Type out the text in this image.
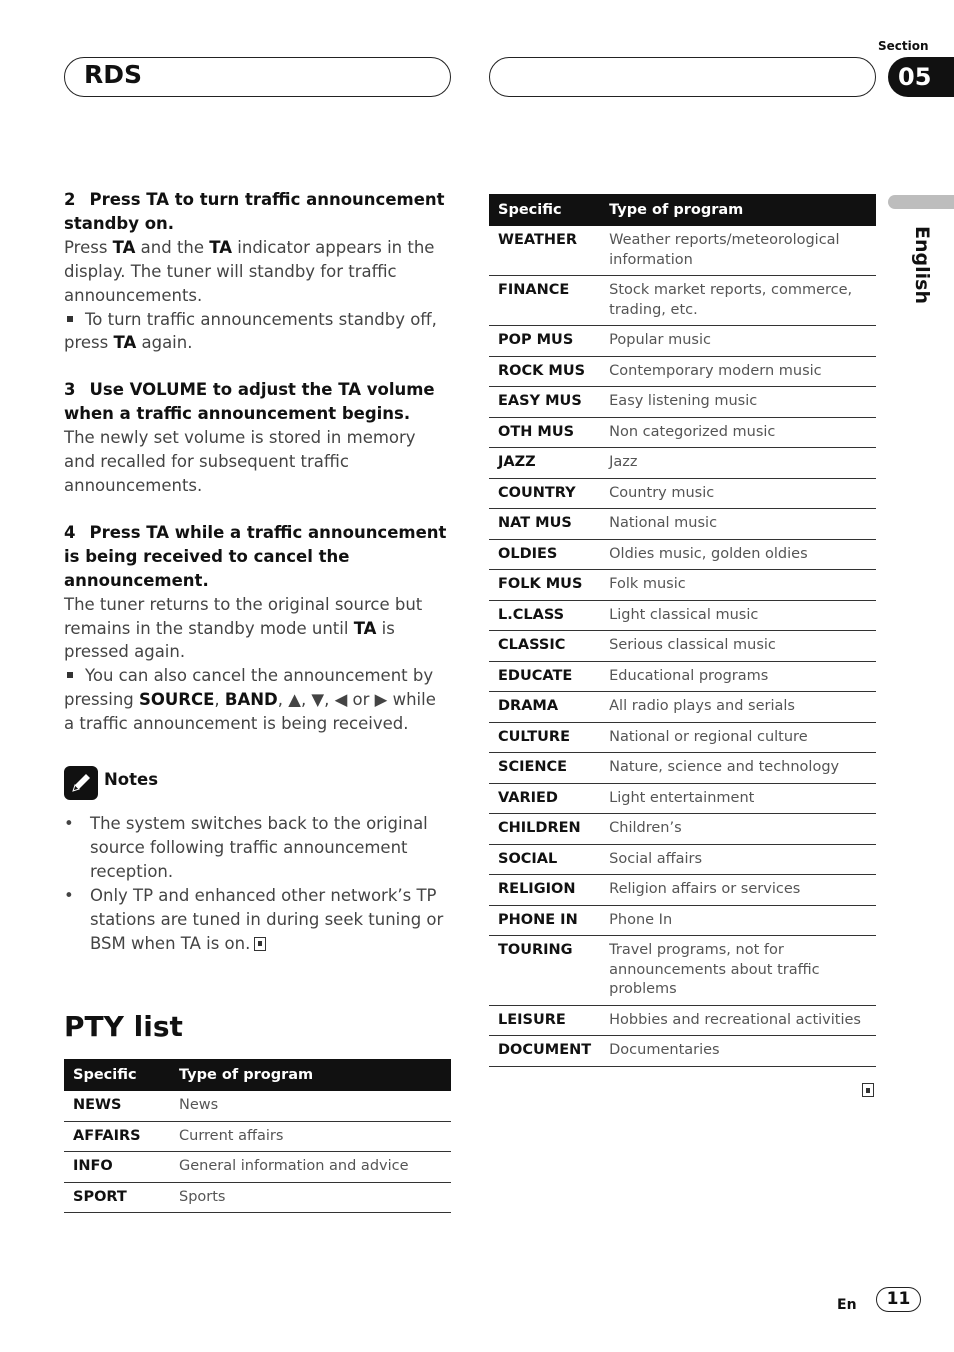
RDS
Section
05
English

2 Press TA to turn traffic announcement standby on.

Press TA and the TA indicator appears in the display. The tuner will standby for traffic announcements.

To turn traffic announcements standby off, press TA again.

3 Use VOLUME to adjust the TA volume when a traffic announcement begins.

The newly set volume is stored in memory and recalled for subsequent traffic announcements.

4 Press TA while a traffic announcement is being received to cancel the announcement.

The tuner returns to the original source but remains in the standby mode until TA is pressed again.

You can also cancel the announcement by pressing SOURCE, BAND, ▲, ▼, ◀ or ▶ while a traffic announcement is being received.

Notes
• The system switches back to the original source following traffic announcement reception.
• Only TP and enhanced other network’s TP stations are tuned in during seek tuning or BSM when TA is on.
PTY list
Specific	Type of program
NEWS	News
AFFAIRS	Current affairs
INFO	General information and advice
SPORT	Sports
Specific	Type of program
WEATHER	Weather reports/meteorological information
FINANCE	Stock market reports, commerce, trading, etc.
POP MUS	Popular music
ROCK MUS	Contemporary modern music
EASY MUS	Easy listening music
OTH MUS	Non categorized music
JAZZ	Jazz
COUNTRY	Country music
NAT MUS	National music
OLDIES	Oldies music, golden oldies
FOLK MUS	Folk music
L.CLASS	Light classical music
CLASSIC	Serious classical music
EDUCATE	Educational programs
DRAMA	All radio plays and serials
CULTURE	National or regional culture
SCIENCE	Nature, science and technology
VARIED	Light entertainment
CHILDREN	Children’s
SOCIAL	Social affairs
RELIGION	Religion affairs or services
PHONE IN	Phone In
TOURING	Travel programs, not for announcements about traffic problems
LEISURE	Hobbies and recreational activities
DOCUMENT	Documentaries
En	11
